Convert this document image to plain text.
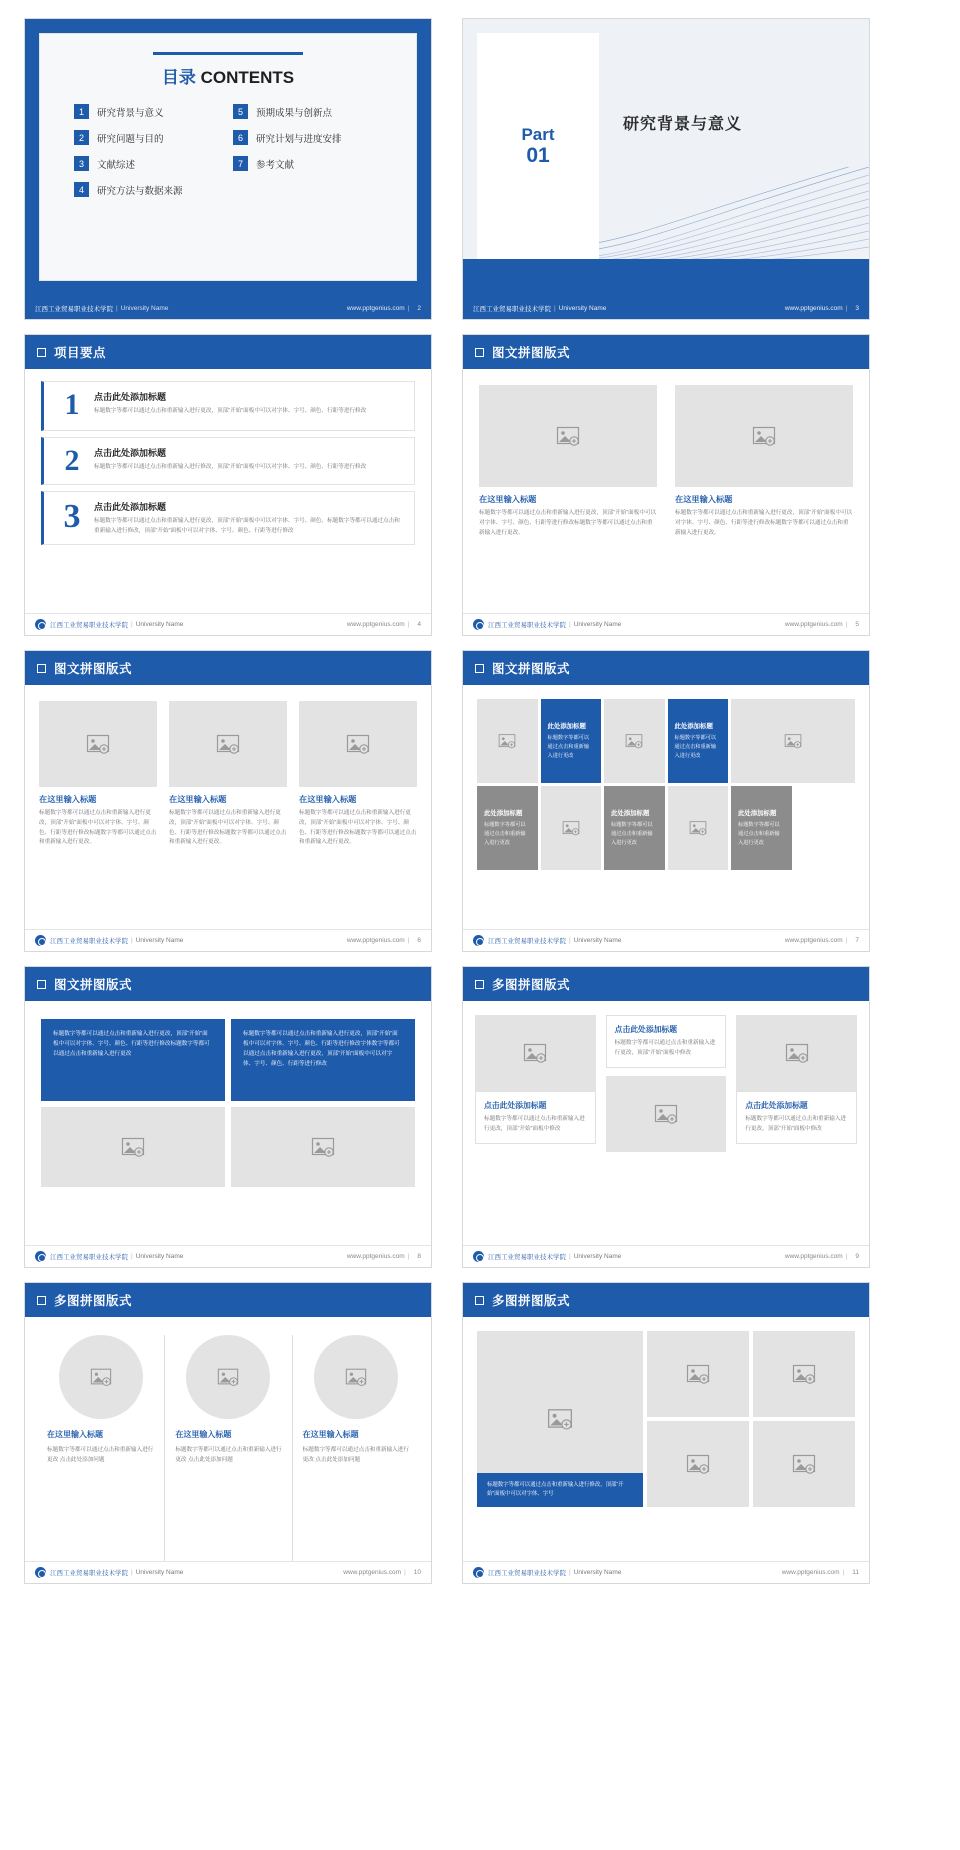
目录 CONTENTS
1	研究背景与意义	5	预期成果与创新点
2	研究问题与目的	6	研究计划与进度安排
3	文献综述	7	参考文献
4	研究方法与数据来源
江西工业贸易职业技术学院 | University Name	www.pptgenius.com | 2
Part
01
研究背景与意义
江西工业贸易职业技术学院 | University Name	www.pptgenius.com | 3
项目要点
1	点击此处添加标题
标题数字等都可以通过点击和重新输入进行更改，顶部“开始”面板中可以对字体、字号、颜色、行距等进行修改
2	点击此处添加标题
标题数字等都可以通过点击和重新输入进行修改，顶部“开始”面板中可以对字体、字号、颜色、行距等进行修改
3	点击此处添加标题
标题数字等都可以通过点击和重新输入进行更改，顶部“开始”面板中可以对字体、字号、颜色、标题数字等都可以通过点击和重新输入进行修改，顶部“开始”面板中可以对字体、字号、颜色、行距等进行修改
江西工业贸易职业技术学院 | University Name	www.pptgenius.com | 4
图文拼图版式
在这里输入标题
标题数字等都可以通过点击和重新输入进行更改，顶部“开始”面板中可以对字体、字号、颜色、行距等进行修改标题数字等都可以通过点击和重新输入进行更改。
在这里输入标题
标题数字等都可以通过点击和重新输入进行更改，顶部“开始”面板中可以对字体、字号、颜色、行距等进行修改标题数字等都可以通过点击和重新输入进行更改。
江西工业贸易职业技术学院 | University Name	www.pptgenius.com | 5
图文拼图版式
在这里输入标题
标题数字等都可以通过点击和重新输入进行更改，顶部“开始”面板中可以对字体、字号、颜色、行距等进行修改标题数字等都可以通过点击和重新输入进行更改。
在这里输入标题
标题数字等都可以通过点击和重新输入进行更改，顶部“开始”面板中可以对字体、字号、颜色、行距等进行修改标题数字等都可以通过点击和重新输入进行更改。
在这里输入标题
标题数字等都可以通过点击和重新输入进行更改，顶部“开始”面板中可以对字体、字号、颜色、行距等进行修改标题数字等都可以通过点击和重新输入进行更改。
江西工业贸易职业技术学院 | University Name	www.pptgenius.com | 6
图文拼图版式
此处添加标题
标题数字等都可以通过点击和重新输入进行更改
此处添加标题
标题数字等都可以通过点击和重新输入进行更改
此处添加标题
标题数字等都可以通过点击和重新输入进行更改
此处添加标题
标题数字等都可以通过点击和重新输入进行更改
此处添加标题
标题数字等都可以通过点击和重新输入进行更改
江西工业贸易职业技术学院 | University Name	www.pptgenius.com | 7
图文拼图版式
标题数字等都可以通过点击和重新输入进行更改，顶部“开始”面板中可以对字体、字号、颜色、行距等进行修改标题数字等都可以通过点击和重新输入进行更改
标题数字等都可以通过点击和重新输入进行更改，顶部“开始”面板中可以对字体、字号、颜色、行距等进行修改字体数字等都可以通过点击和重新输入进行更改，顶部“开始”面板中可以对字体、字号、颜色、行距等进行修改
江西工业贸易职业技术学院 | University Name	www.pptgenius.com | 8
多图拼图版式
点击此处添加标题
标题数字等都可以通过点击和重新输入进行更改，顶部“开始”面板中修改
点击此处添加标题
标题数字等都可以通过点击和重新输入进行更改，顶部“开始”面板中修改
点击此处添加标题
标题数字等都可以通过点击和重新输入进行更改，顶部“开始”面板中修改
江西工业贸易职业技术学院 | University Name	www.pptgenius.com | 9
多图拼图版式
在这里输入标题
标题数字等都可以通过点击和重新输入进行更改 点击此处添加问题
在这里输入标题
标题数字等都可以通过点击和重新输入进行更改 点击此处添加问题
在这里输入标题
标题数字等都可以通过点击和重新输入进行更改 点击此处添加问题
江西工业贸易职业技术学院 | University Name	www.pptgenius.com | 10
多图拼图版式
标题数字等都可以通过点击和重新输入进行修改，顶部“开始”面板中可以对字体、字号
江西工业贸易职业技术学院 | University Name	www.pptgenius.com | 11
